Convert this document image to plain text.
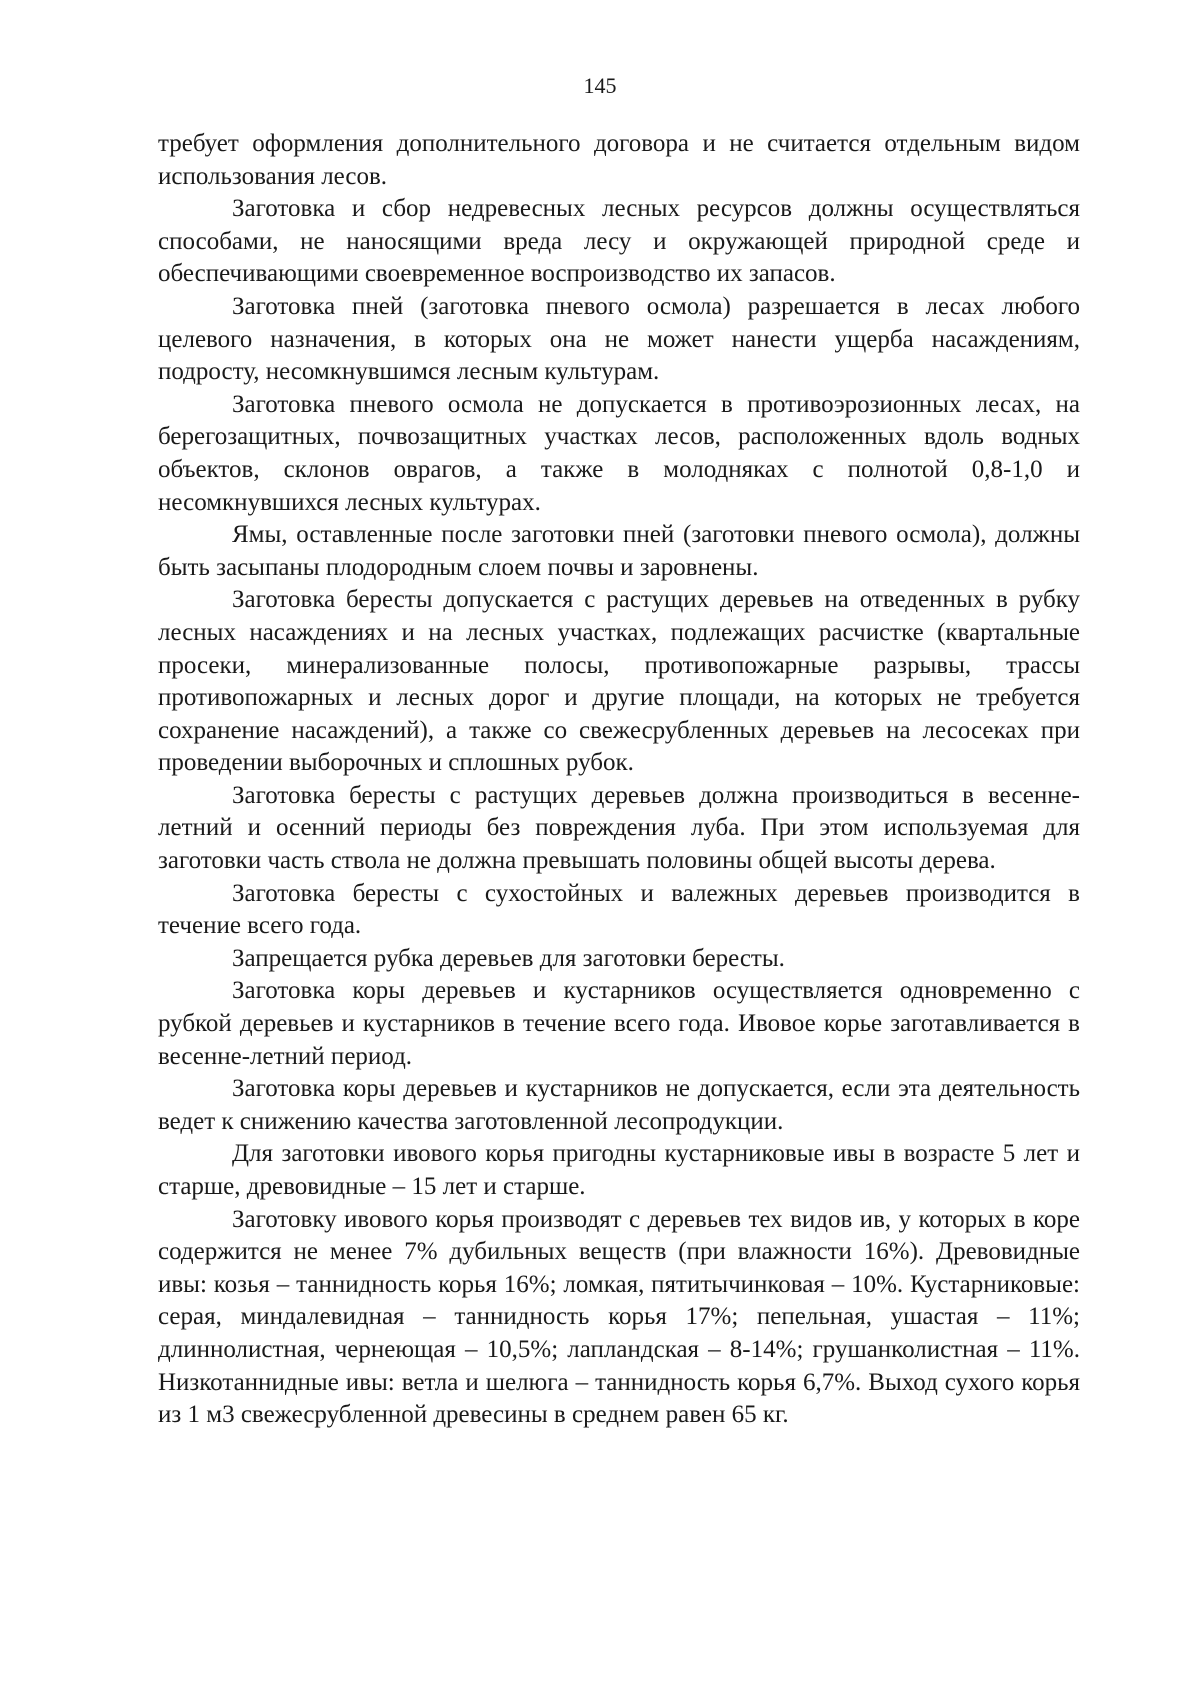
145

требует оформления дополнительного договора и не считается отдельным видом использования лесов.

Заготовка и сбор недревесных лесных ресурсов должны осуществляться способами, не наносящими вреда лесу и окружающей природной среде и обеспечивающими своевременное воспроизводство их запасов.

Заготовка пней (заготовка пневого осмола) разрешается в лесах любого целевого назначения, в которых она не может нанести ущерба насаждениям, подросту, несомкнувшимся лесным культурам.

Заготовка пневого осмола не допускается в противоэрозионных лесах, на берегозащитных, почвозащитных участках лесов, расположенных вдоль водных объектов, склонов оврагов, а также в молодняках с полнотой 0,8-1,0 и несомкнувшихся лесных культурах.

Ямы, оставленные после заготовки пней (заготовки пневого осмола), должны быть засыпаны плодородным слоем почвы и заровнены.

Заготовка бересты допускается с растущих деревьев на отведенных в рубку лесных насаждениях и на лесных участках, подлежащих расчистке (квартальные просеки, минерализованные полосы, противопожарные разрывы, трассы противопожарных и лесных дорог и другие площади, на которых не требуется сохранение насаждений), а также со свежесрубленных деревьев на лесосеках при проведении выборочных и сплошных рубок.

Заготовка бересты с растущих деревьев должна производиться в весенне-летний и осенний периоды без повреждения луба. При этом используемая для заготовки часть ствола не должна превышать половины общей высоты дерева.

Заготовка бересты с сухостойных и валежных деревьев производится в течение всего года.

Запрещается рубка деревьев для заготовки бересты.

Заготовка коры деревьев и кустарников осуществляется одновременно с рубкой деревьев и кустарников в течение всего года. Ивовое корье заготавливается в весенне-летний период.

Заготовка коры деревьев и кустарников не допускается, если эта деятельность ведет к снижению качества заготовленной лесопродукции.

Для заготовки ивового корья пригодны кустарниковые ивы в возрасте 5 лет и старше, древовидные – 15 лет и старше.

Заготовку ивового корья производят с деревьев тех видов ив, у которых в коре содержится не менее 7% дубильных веществ (при влажности 16%). Древовидные ивы: козья – таннидность корья 16%; ломкая, пятитычинковая – 10%. Кустарниковые: серая, миндалевидная – таннидность корья 17%; пепельная, ушастая – 11%; длиннолистная, чернеющая – 10,5%; лапландская – 8-14%; грушанколистная – 11%. Низкотаннидные ивы: ветла и шелюга – таннидность корья 6,7%. Выход сухого корья из 1 м3 свежесрубленной древесины в среднем равен 65 кг.
